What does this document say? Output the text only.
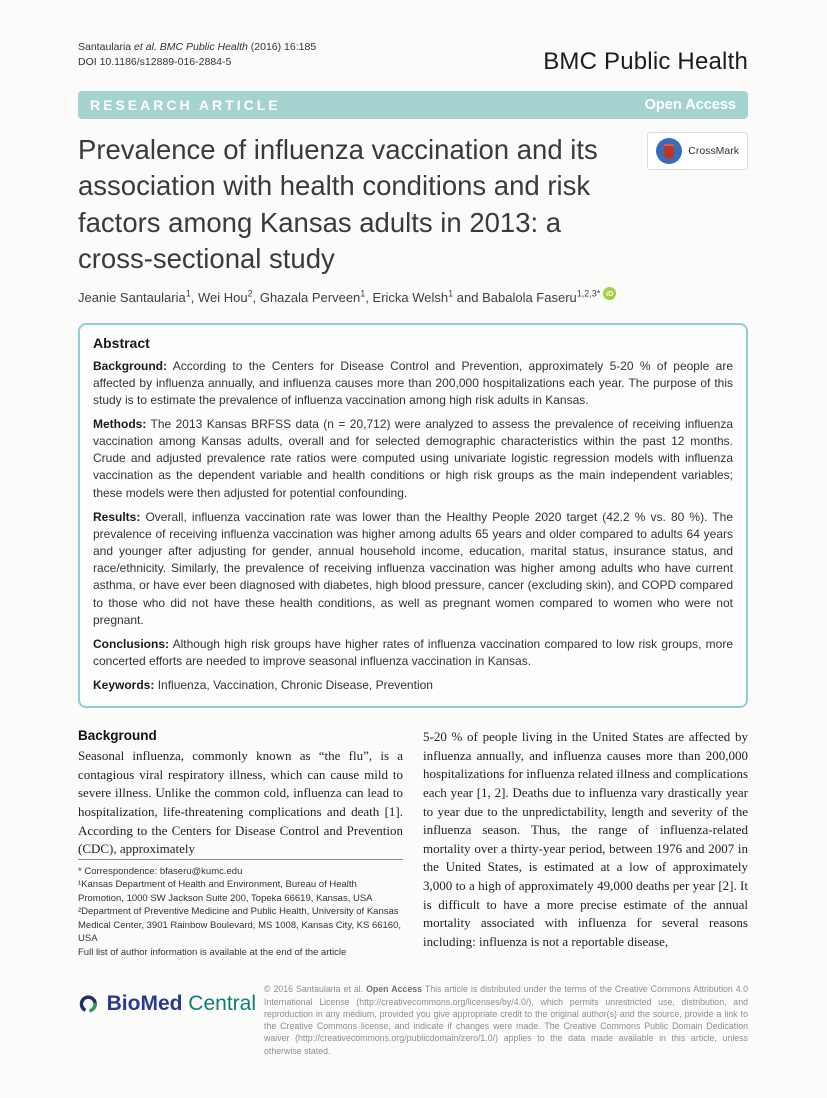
Santaularia et al. BMC Public Health (2016) 16:185
DOI 10.1186/s12889-016-2884-5	BMC Public Health
RESEARCH ARTICLE	Open Access
Prevalence of influenza vaccination and its association with health conditions and risk factors among Kansas adults in 2013: a cross-sectional study
CrossMark
Jeanie Santaularia$^1$, Wei Hou$^2$, Ghazala Perveen$^1$, Ericka Welsh$^1$ and Babalola Faseru$^{1,2,3*}$ iD
Abstract

Background: According to the Centers for Disease Control and Prevention, approximately 5-20 % of people are affected by influenza annually, and influenza causes more than 200,000 hospitalizations each year. The purpose of this study is to estimate the prevalence of influenza vaccination among high risk adults in Kansas.

Methods: The 2013 Kansas BRFSS data (n = 20,712) were analyzed to assess the prevalence of receiving influenza vaccination among Kansas adults, overall and for selected demographic characteristics within the past 12 months. Crude and adjusted prevalence rate ratios were computed using univariate logistic regression models with influenza vaccination as the dependent variable and health conditions or high risk groups as the main independent variables; these models were then adjusted for potential confounding.

Results: Overall, influenza vaccination rate was lower than the Healthy People 2020 target (42.2 % vs. 80 %). The prevalence of receiving influenza vaccination was higher among adults 65 years and older compared to adults 64 years and younger after adjusting for gender, annual household income, education, marital status, insurance status, and race/ethnicity. Similarly, the prevalence of receiving influenza vaccination was higher among adults who have current asthma, or have ever been diagnosed with diabetes, high blood pressure, cancer (excluding skin), and COPD compared to those who did not have these health conditions, as well as pregnant women compared to women who were not pregnant.

Conclusions: Although high risk groups have higher rates of influenza vaccination compared to low risk groups, more concerted efforts are needed to improve seasonal influenza vaccination in Kansas.

Keywords: Influenza, Vaccination, Chronic Disease, Prevention

Background

Seasonal influenza, commonly known as “the flu”, is a contagious viral respiratory illness, which can cause mild to severe illness. Unlike the common cold, influenza can lead to hospitalization, life-threatening complications and death [1]. According to the Centers for Disease Control and Prevention (CDC), approximately

* Correspondence: bfaseru@kumc.edu
¹Kansas Department of Health and Environment, Bureau of Health Promotion, 1000 SW Jackson Suite 200, Topeka 66619, Kansas, USA
²Department of Preventive Medicine and Public Health, University of Kansas Medical Center, 3901 Rainbow Boulevard, MS 1008, Kansas City, KS 66160, USA
Full list of author information is available at the end of the article

5-20 % of people living in the United States are affected by influenza annually, and influenza causes more than 200,000 hospitalizations for influenza related illness and complications each year [1, 2]. Deaths due to influenza vary drastically year to year due to the unpredictability, length and severity of the influenza season. Thus, the range of influenza-related mortality over a thirty-year period, between 1976 and 2007 in the United States, is estimated at a low of approximately 3,000 to a high of approximately 49,000 deaths per year [2]. It is difficult to have a more precise estimate of the annual mortality associated with influenza for several reasons including: influenza is not a reportable disease,

BioMed Central
© 2016 Santaularia et al. Open Access This article is distributed under the terms of the Creative Commons Attribution 4.0 International License (http://creativecommons.org/licenses/by/4.0/), which permits unrestricted use, distribution, and reproduction in any medium, provided you give appropriate credit to the original author(s) and the source, provide a link to the Creative Commons license, and indicate if changes were made. The Creative Commons Public Domain Dedication waiver (http://creativecommons.org/publicdomain/zero/1.0/) applies to the data made available in this article, unless otherwise stated.
